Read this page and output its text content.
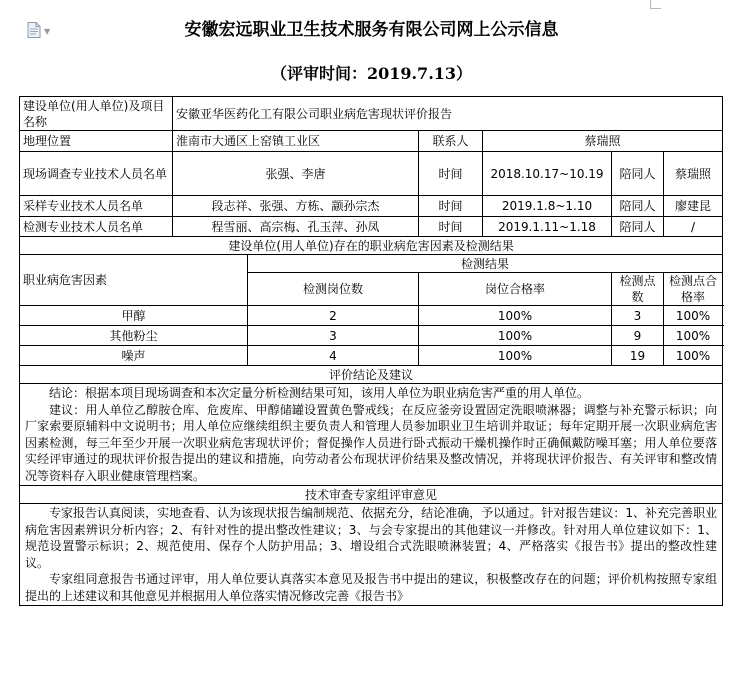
▼	安徽宏远职业卫生技术服务有限公司网上公示信息
（评审时间：2019.7.13）
建设单位(用人单位)及项目名称	安徽亚华医药化工有限公司职业病危害现状评价报告					
地理位置	淮南市大通区上窑镇工业区		联系人	蔡瑞照		
现场调查专业技术人员名单	张强、李唐		时间	2018.10.17~10.19	陪同人	蔡瑞照
采样专业技术人员名单	段志祥、张强、方栋、颛孙宗杰		时间	2019.1.8~1.10	陪同人	廖建昆
检测专业技术人员名单	程雪丽、高宗梅、孔玉萍、孙凤		时间	2019.1.11~1.18	陪同人	/
建设单位(用人单位)存在的职业病危害因素及检测结果						
职业病危害因素		检测结果				
		检测岗位数	岗位合格率		检测点数	检测点合格率
甲醇		2	100%		3	100%
其他粉尘		3	100%		9	100%
噪声		4	100%		19	100%
评价结论及建议						

结论：根据本项目现场调查和本次定量分析检测结果可知，该用人单位为职业病危害严重的用人单位。

建议：用人单位乙醇胺仓库、危废库、甲醇储罐设置黄色警戒线；在反应釜旁设置固定洗眼喷淋器；调整与补充警示标识；向厂家索要原辅料中文说明书；用人单位应继续组织主要负责人和管理人员参加职业卫生培训并取证；每年定期开展一次职业病危害因素检测，每三年至少开展一次职业病危害现状评价；督促操作人员进行卧式振动干燥机操作时正确佩戴防噪耳塞；用人单位要落实经评审通过的现状评价报告提出的建议和措施，向劳动者公布现状评价结果及整改情况，并将现状评价报告、有关评审和整改情况等资料存入职业健康管理档案。						

技术审查专家组评审意见						

专家报告认真阅读，实地查看、认为该现状报告编制规范、依据充分，结论准确，予以通过。针对报告建议：1、补充完善职业病危害因素辨识分析内容；2、有针对性的提出整改性建议；3、与会专家提出的其他建议一并修改。针对用人单位建议如下：1、规范设置警示标识；2、规范使用、保存个人防护用品；3、增设组合式洗眼喷淋装置；4、严格落实《报告书》提出的整改性建议。

专家组同意报告书通过评审，用人单位要认真落实本意见及报告书中提出的建议，积极整改存在的问题；评价机构按照专家组提出的上述建议和其他意见并根据用人单位落实情况修改完善《报告书》						
